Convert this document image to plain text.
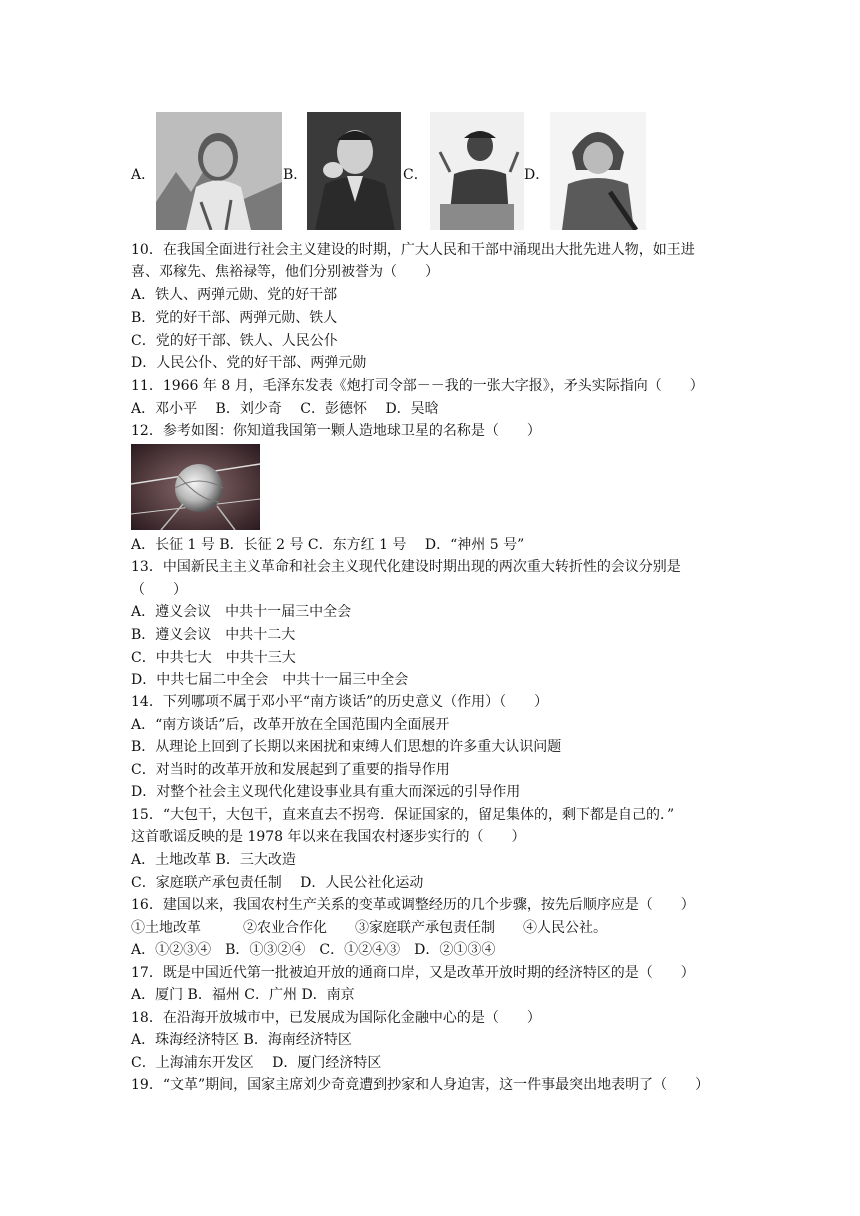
A．	B．	C．	D．
10．在我国全面进行社会主义建设的时期，广大人民和干部中涌现出大批先进人物，如王进
喜、邓稼先、焦裕禄等，他们分别被誉为（　　）
A．铁人、两弹元勋、党的好干部
B．党的好干部、两弹元勋、铁人
C．党的好干部、铁人、人民公仆
D．人民公仆、党的好干部、两弹元勋
11．1966 年 8 月，毛泽东发表《炮打司令部－－我的一张大字报》，矛头实际指向（　　）
A．邓小平　 B．刘少奇　 C．彭德怀　 D．吴晗
12．参考如图：你知道我国第一颗人造地球卫星的名称是（　　）
A．长征 1 号 B．长征 2 号 C．东方红 1 号　 D．“神州 5 号”
13．中国新民主主义革命和社会主义现代化建设时期出现的两次重大转折性的会议分别是
（　　）
A．遵义会议　中共十一届三中全会
B．遵义会议　中共十二大
C．中共七大　中共十三大
D．中共七届二中全会　中共十一届三中全会
14．下列哪项不属于邓小平“南方谈话”的历史意义（作用）（　　）
A．“南方谈话”后，改革开放在全国范围内全面展开
B．从理论上回到了长期以来困扰和束缚人们思想的许多重大认识问题
C．对当时的改革开放和发展起到了重要的指导作用
D．对整个社会主义现代化建设事业具有重大而深远的引导作用
15．“大包干，大包干，直来直去不拐弯．保证国家的，留足集体的，剩下都是自己的．”
这首歌谣反映的是 1978 年以来在我国农村逐步实行的（　　）
A．土地改革 B．三大改造
C．家庭联产承包责任制　 D．人民公社化运动
16．建国以来，我国农村生产关系的变革或调整经历的几个步骤，按先后顺序应是（　　）
①土地改革　　　②农业合作化　　③家庭联产承包责任制　　④人民公社。
A．①②③④　B．①③②④　C．①②④③　D．②①③④
17．既是中国近代第一批被迫开放的通商口岸，又是改革开放时期的经济特区的是（　　）
A．厦门 B．福州 C．广州 D．南京
18．在沿海开放城市中，已发展成为国际化金融中心的是（　　）
A．珠海经济特区 B．海南经济特区
C．上海浦东开发区　 D．厦门经济特区
19．“文革”期间，国家主席刘少奇竟遭到抄家和人身迫害，这一件事最突出地表明了（　　）
